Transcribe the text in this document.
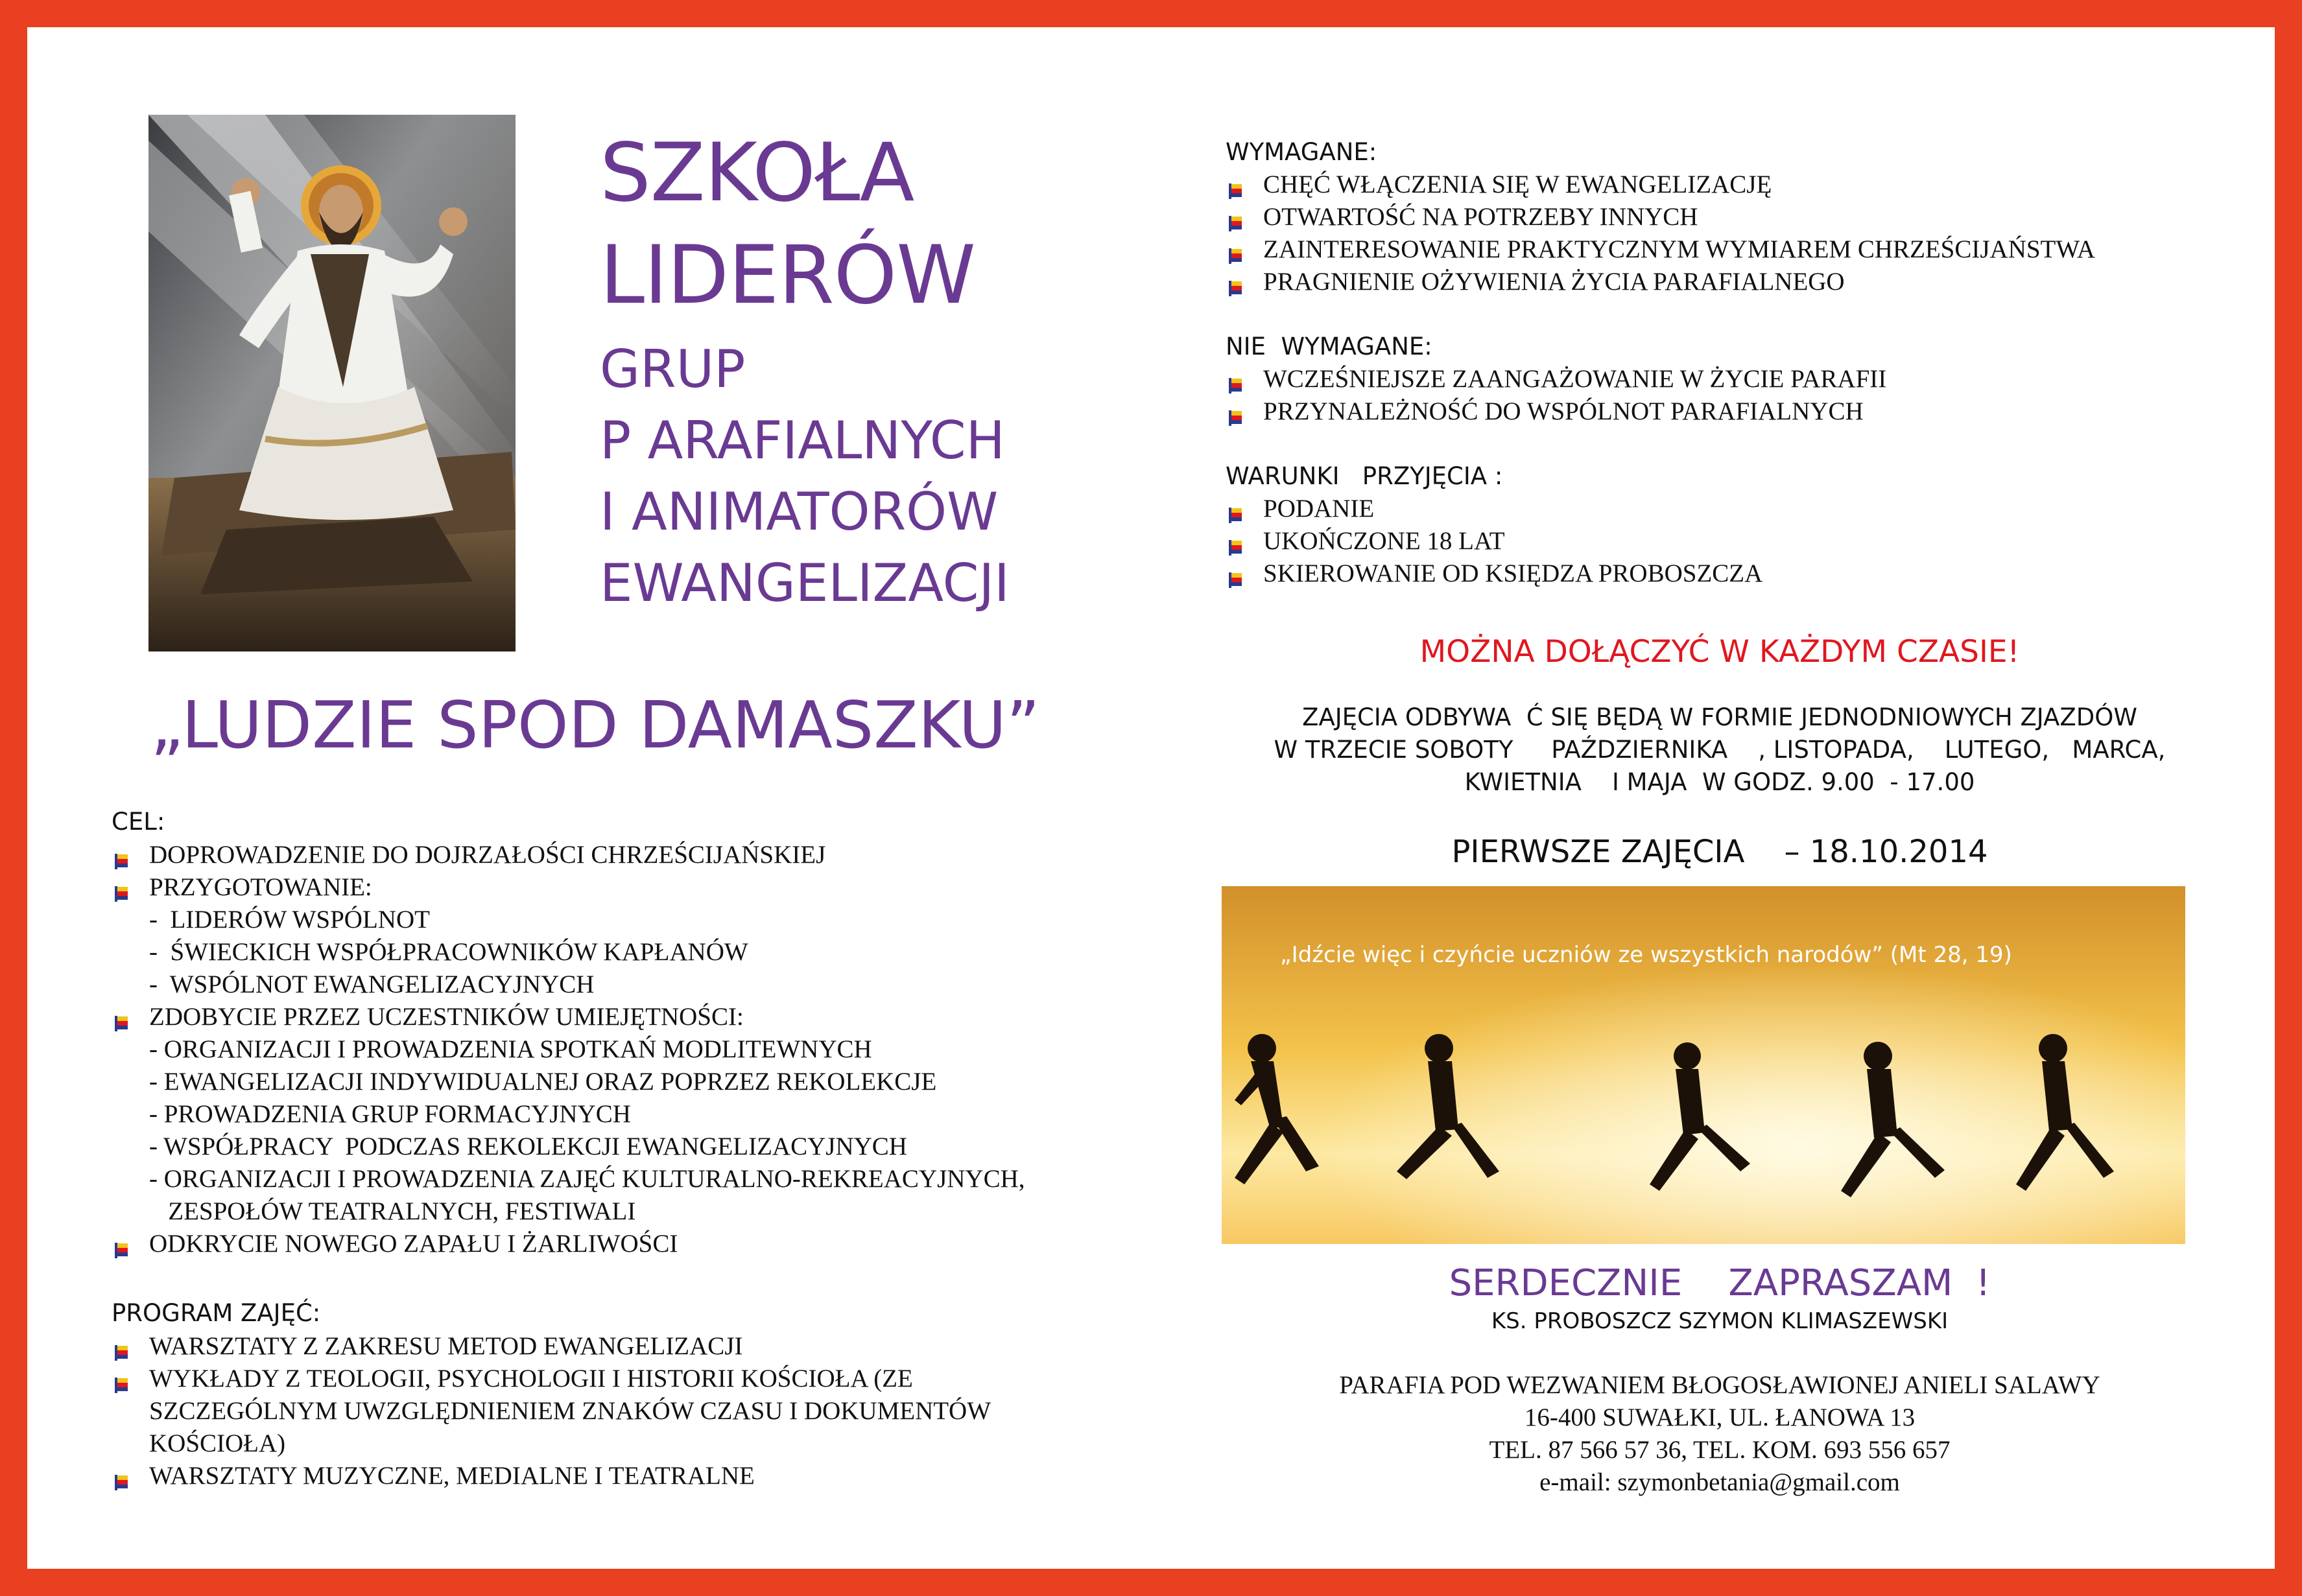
SZKOŁA
LIDERÓW
GRUP
P ARAFIALNYCH
I ANIMATORÓW
EWANGELIZACJI
„LUDZIE SPOD DAMASZKU”
CEL:
DOPROWADZENIE DO DOJRZAŁOŚCI CHRZEŚCIJAŃSKIEJ
PRZYGOTOWANIE:
-  LIDERÓW WSPÓLNOT
-  ŚWIECKICH WSPÓŁPRACOWNIKÓW KAPŁANÓW
-  WSPÓLNOT EWANGELIZACYJNYCH
ZDOBYCIE PRZEZ UCZESTNIKÓW UMIEJĘTNOŚCI:
- ORGANIZACJI I PROWADZENIA SPOTKAŃ MODLITEWNYCH
- EWANGELIZACJI INDYWIDUALNEJ ORAZ POPRZEZ REKOLEKCJE
- PROWADZENIA GRUP FORMACYJNYCH
- WSPÓŁPRACY  PODCZAS REKOLEKCJI EWANGELIZACYJNYCH
- ORGANIZACJI I PROWADZENIA ZAJĘĆ KULTURALNO-REKREACYJNYCH,
ZESPOŁÓW TEATRALNYCH, FESTIWALI
ODKRYCIE NOWEGO ZAPAŁU I ŻARLIWOŚCI
PROGRAM ZAJĘĆ:
WARSZTATY Z ZAKRESU METOD EWANGELIZACJI
WYKŁADY Z TEOLOGII, PSYCHOLOGII I HISTORII KOŚCIOŁA (ZE SZCZEGÓLNYM UWZGLĘDNIENIEM ZNAKÓW CZASU I DOKUMENTÓW KOŚCIOŁA)
WARSZTATY MUZYCZNE, MEDIALNE I TEATRALNE
WYMAGANE:
CHĘĆ WŁĄCZENIA SIĘ W EWANGELIZACJĘ
OTWARTOŚĆ NA POTRZEBY INNYCH
ZAINTERESOWANIE PRAKTYCZNYM WYMIAREM CHRZEŚCIJAŃSTWA
PRAGNIENIE OŻYWIENIA ŻYCIA PARAFIALNEGO
NIE  WYMAGANE:
WCZEŚNIEJSZE ZAANGAŻOWANIE W ŻYCIE PARAFII
PRZYNALEŻNOŚĆ DO WSPÓLNOT PARAFIALNYCH
WARUNKI   PRZYJĘCIA :
PODANIE
UKOŃCZONE 18 LAT
SKIEROWANIE OD KSIĘDZA PROBOSZCZA
MOŻNA DOŁĄCZYĆ W KAŻDYM CZASIE!
ZAJĘCIA ODBYWA  Ć SIĘ BĘDĄ W FORMIE JEDNODNIOWYCH ZJAZDÓW
W TRZECIE SOBOTY     PAŹDZIERNIKA    , LISTOPADA,    LUTEGO,   MARCA,
KWIETNIA    I MAJA  W GODZ. 9.00  - 17.00
PIERWSZE ZAJĘCIA    – 18.10.2014
„Idźcie więc i czyńcie uczniów ze wszystkich narodów” (Mt 28, 19)
SERDECZNIE    ZAPRASZAM  !
KS. PROBOSZCZ SZYMON KLIMASZEWSKI
PARAFIA POD WEZWANIEM BŁOGOSŁAWIONEJ ANIELI SALAWY
16-400 SUWAŁKI, UL. ŁANOWA 13
TEL. 87 566 57 36, TEL. KOM. 693 556 657
e-mail: szymonbetania@gmail.com
